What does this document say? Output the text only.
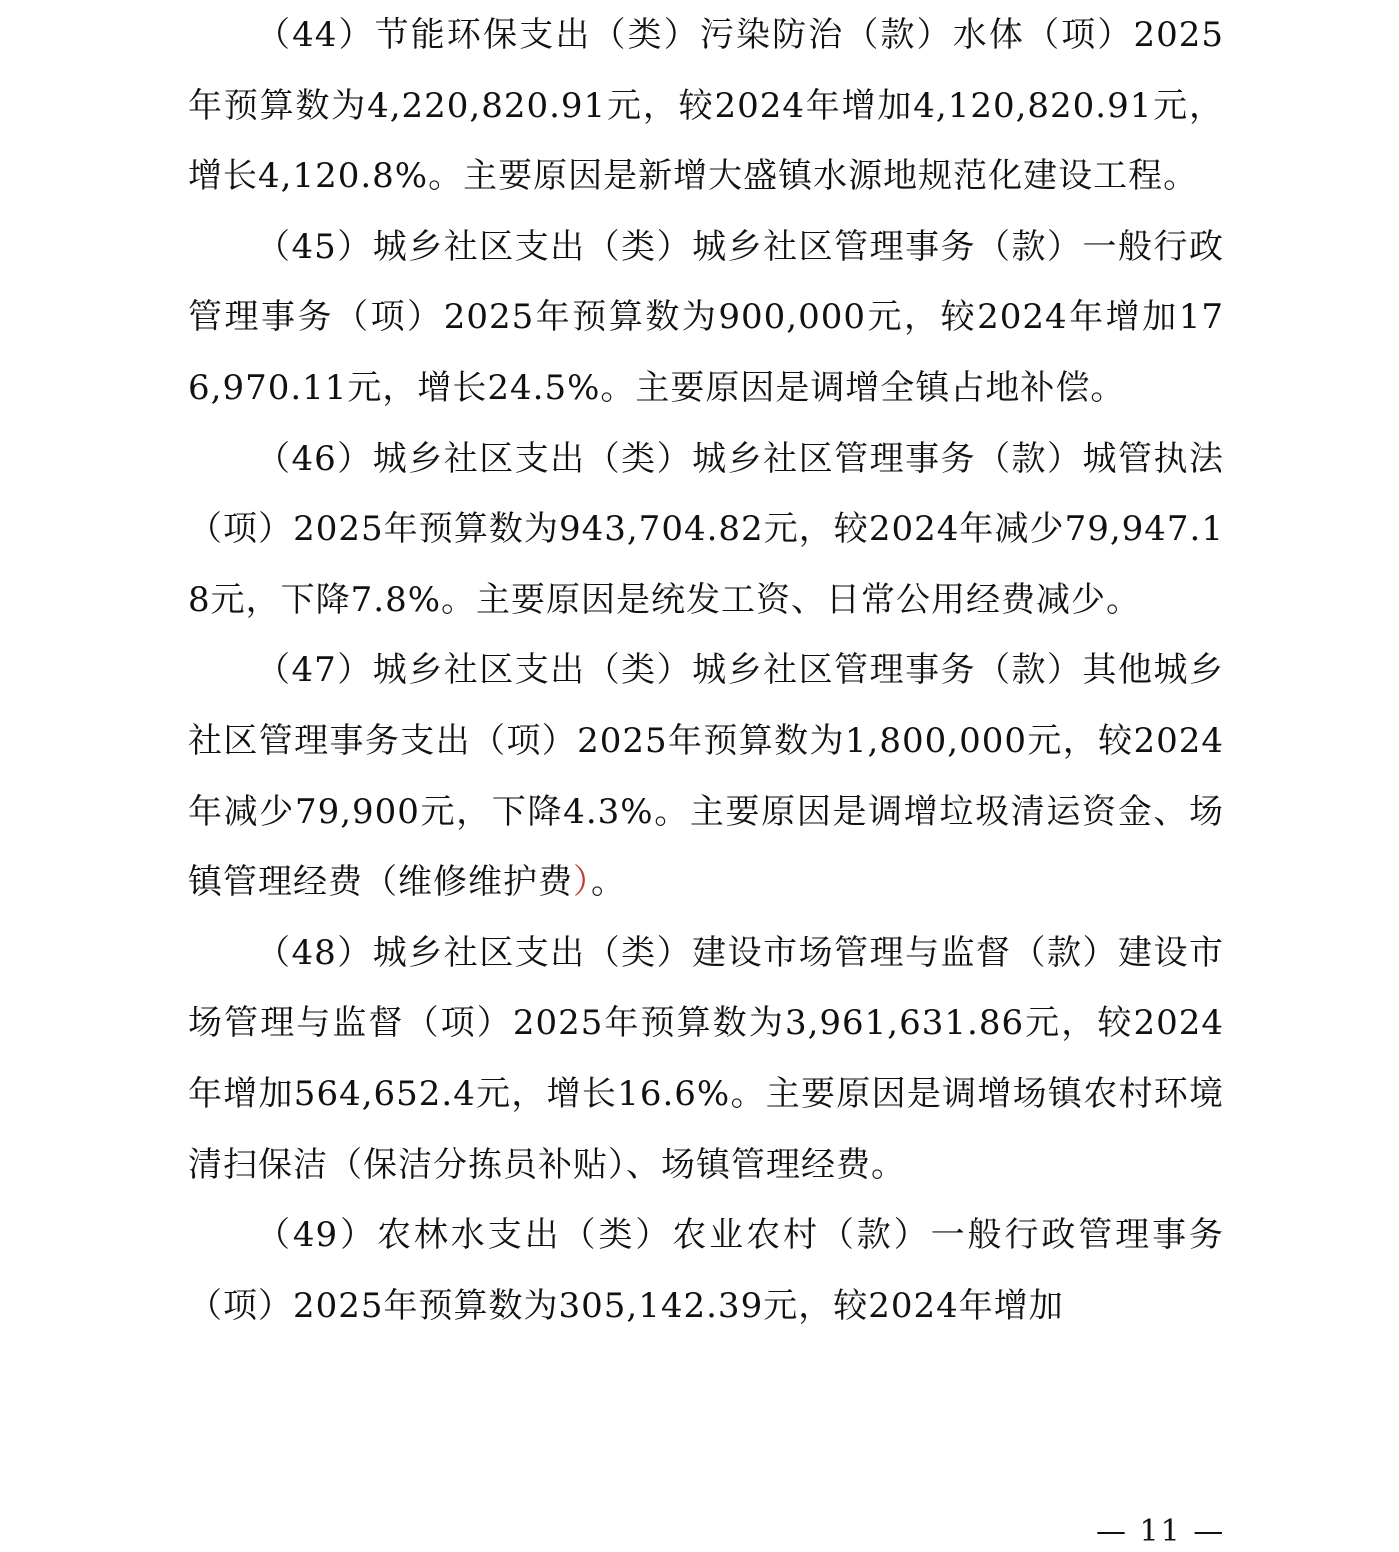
（44）节能环保支出（类）污染防治（款）水体（项）2025年预算数为4,220,820.91元，较2024年增加4,120,820.91元，增长4,120.8%。主要原因是新增大盛镇水源地规范化建设工程。

（45）城乡社区支出（类）城乡社区管理事务（款）一般行政管理事务（项）2025年预算数为900,000元，较2024年增加176,970.11元，增长24.5%。主要原因是调增全镇占地补偿。

（46）城乡社区支出（类）城乡社区管理事务（款）城管执法（项）2025年预算数为943,704.82元，较2024年减少79,947.18元，下降7.8%。主要原因是统发工资、日常公用经费减少。

（47）城乡社区支出（类）城乡社区管理事务（款）其他城乡社区管理事务支出（项）2025年预算数为1,800,000元，较2024年减少79,900元，下降4.3%。主要原因是调增垃圾清运资金、场镇管理经费（维修维护费）。

（48）城乡社区支出（类）建设市场管理与监督（款）建设市场管理与监督（项）2025年预算数为3,961,631.86元，较2024年增加564,652.4元，增长16.6%。主要原因是调增场镇农村环境清扫保洁（保洁分拣员补贴）、场镇管理经费。

（49）农林水支出（类）农业农村（款）一般行政管理事务（项）2025年预算数为305,142.39元，较2024年增加

— 11 —
